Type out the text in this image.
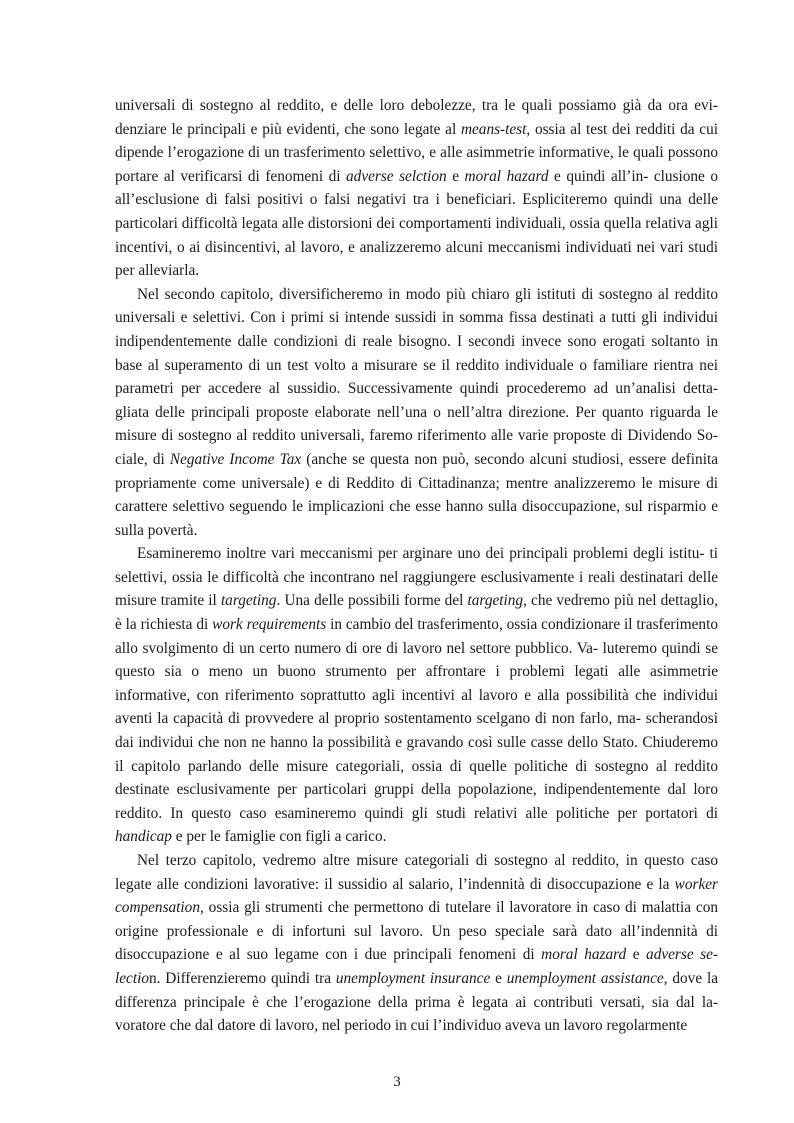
universali di sostegno al reddito, e delle loro debolezze, tra le quali possiamo già da ora evi- denziare le principali e più evidenti, che sono legate al means-test, ossia al test dei redditi da cui dipende l’erogazione di un trasferimento selettivo, e alle asimmetrie informative, le quali possono portare al verificarsi di fenomeni di adverse selction e moral hazard e quindi all’in- clusione o all’esclusione di falsi positivi o falsi negativi tra i beneficiari. Espliciteremo quindi una delle particolari difficoltà legata alle distorsioni dei comportamenti individuali, ossia quella relativa agli incentivi, o ai disincentivi, al lavoro, e analizzeremo alcuni meccanismi individuati nei vari studi per alleviarla.

Nel secondo capitolo, diversificheremo in modo più chiaro gli istituti di sostegno al reddito universali e selettivi. Con i primi si intende sussidi in somma fissa destinati a tutti gli individui indipendentemente dalle condizioni di reale bisogno. I secondi invece sono erogati soltanto in base al superamento di un test volto a misurare se il reddito individuale o familiare rientra nei parametri per accedere al sussidio. Successivamente quindi procederemo ad un’analisi detta- gliata delle principali proposte elaborate nell’una o nell’altra direzione. Per quanto riguarda le misure di sostegno al reddito universali, faremo riferimento alle varie proposte di Dividendo So- ciale, di Negative Income Tax (anche se questa non può, secondo alcuni studiosi, essere definita propriamente come universale) e di Reddito di Cittadinanza; mentre analizzeremo le misure di carattere selettivo seguendo le implicazioni che esse hanno sulla disoccupazione, sul risparmio e sulla povertà.

Esamineremo inoltre vari meccanismi per arginare uno dei principali problemi degli istitu- ti selettivi, ossia le difficoltà che incontrano nel raggiungere esclusivamente i reali destinatari delle misure tramite il targeting. Una delle possibili forme del targeting, che vedremo più nel dettaglio, è la richiesta di work requirements in cambio del trasferimento, ossia condizionare il trasferimento allo svolgimento di un certo numero di ore di lavoro nel settore pubblico. Va- luteremo quindi se questo sia o meno un buono strumento per affrontare i problemi legati alle asimmetrie informative, con riferimento soprattutto agli incentivi al lavoro e alla possibilità che individui aventi la capacità di provvedere al proprio sostentamento scelgano di non farlo, ma- scherandosi dai individui che non ne hanno la possibilità e gravando così sulle casse dello Stato. Chiuderemo il capitolo parlando delle misure categoriali, ossia di quelle politiche di sostegno al reddito destinate esclusivamente per particolari gruppi della popolazione, indipendentemente dal loro reddito. In questo caso esamineremo quindi gli studi relativi alle politiche per portatori di handicap e per le famiglie con figli a carico.

Nel terzo capitolo, vedremo altre misure categoriali di sostegno al reddito, in questo caso legate alle condizioni lavorative: il sussidio al salario, l’indennità di disoccupazione e la worker compensation, ossia gli strumenti che permettono di tutelare il lavoratore in caso di malattia con origine professionale e di infortuni sul lavoro. Un peso speciale sarà dato all’indennità di disoccupazione e al suo legame con i due principali fenomeni di moral hazard e adverse se- lection. Differenzieremo quindi tra unemployment insurance e unemployment assistance, dove la differenza principale è che l’erogazione della prima è legata ai contributi versati, sia dal la- voratore che dal datore di lavoro, nel periodo in cui l’individuo aveva un lavoro regolarmente

3
